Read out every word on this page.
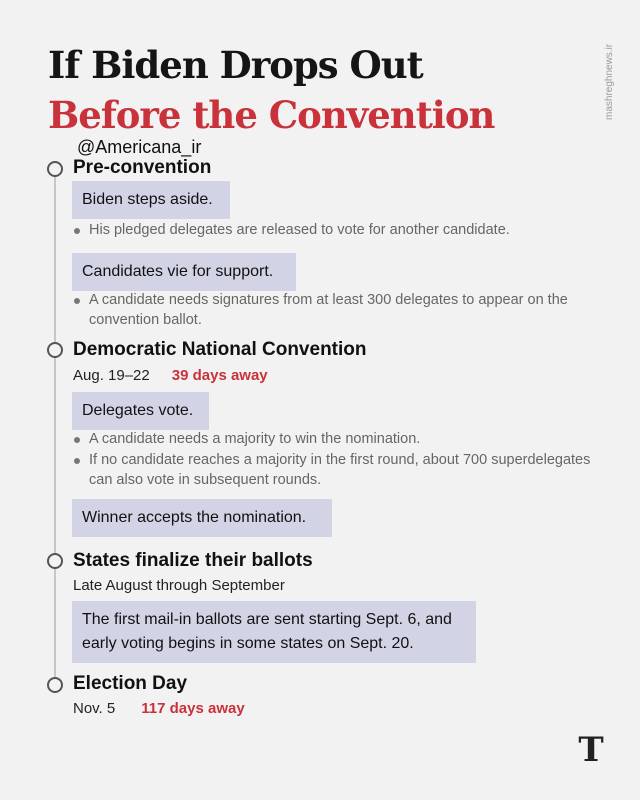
If Biden Drops Out
Before the Convention
@Americana_ir
mashreghnews.ir
Pre-convention
Biden steps aside.
His pledged delegates are released to vote for another candidate.
Candidates vie for support.
A candidate needs signatures from at least 300 delegates to appear on the convention ballot.
Democratic National Convention
Aug. 19–22 39 days away
Delegates vote.
A candidate needs a majority to win the nomination.
If no candidate reaches a majority in the first round, about 700 superdelegates can also vote in subsequent rounds.
Winner accepts the nomination.
States finalize their ballots
Late August through September
The first mail-in ballots are sent starting Sept. 6, and early voting begins in some states on Sept. 20.
Election Day
Nov. 5 117 days away
T
